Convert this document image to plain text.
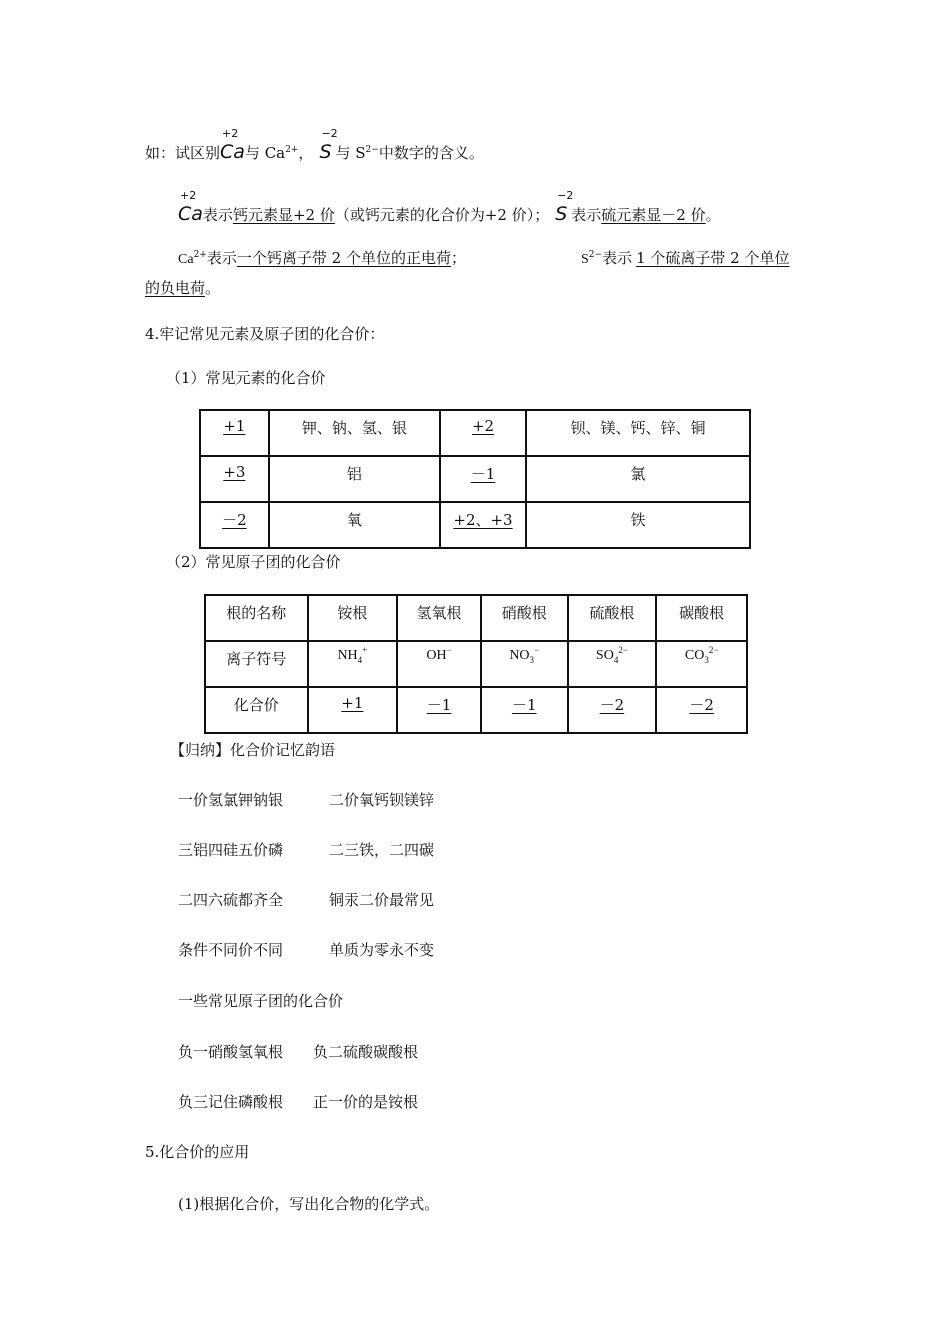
如：试区别
+2
Ca与 $Ca^{2+}$，
−2
S 与 $S^{2-}$中数字的含义。
+2
Ca表示钙元素显+2 价（或钙元素的化合价为+2 价）；
−2
S 表示硫元素显－2 价。
$Ca^{2+}$表示一个钙离子带 2 个单位的正电荷；	$S^{2-}$表示 1 个硫离子带 2 个单位
的负电荷。
4.牢记常见元素及原子团的化合价：
（1）常见元素的化合价
+1	钾、钠、氢、银	+2	钡、镁、钙、锌、铜
+3	铝	－1	氯
－2	氧	+2、+3	铁
（2）常见原子团的化合价
根的名称	铵根	氢氧根	硝酸根	硫酸根	碳酸根
离子符号	$NH_4^+$	OH−	$NO_3^-$	$SO_4^{2-}$	$CO_3^{2-}$
化合价	+1	－1	－1	－2	－2
【归纳】化合价记忆韵语
一价氢氯钾钠银	二价氧钙钡镁锌
三铝四硅五价磷	二三铁，二四碳
二四六硫都齐全	铜汞二价最常见
条件不同价不同	单质为零永不变
一些常见原子团的化合价
负一硝酸氢氧根 负二硫酸碳酸根
负三记住磷酸根 正一价的是铵根
5.化合价的应用
(1)根据化合价，写出化合物的化学式。
